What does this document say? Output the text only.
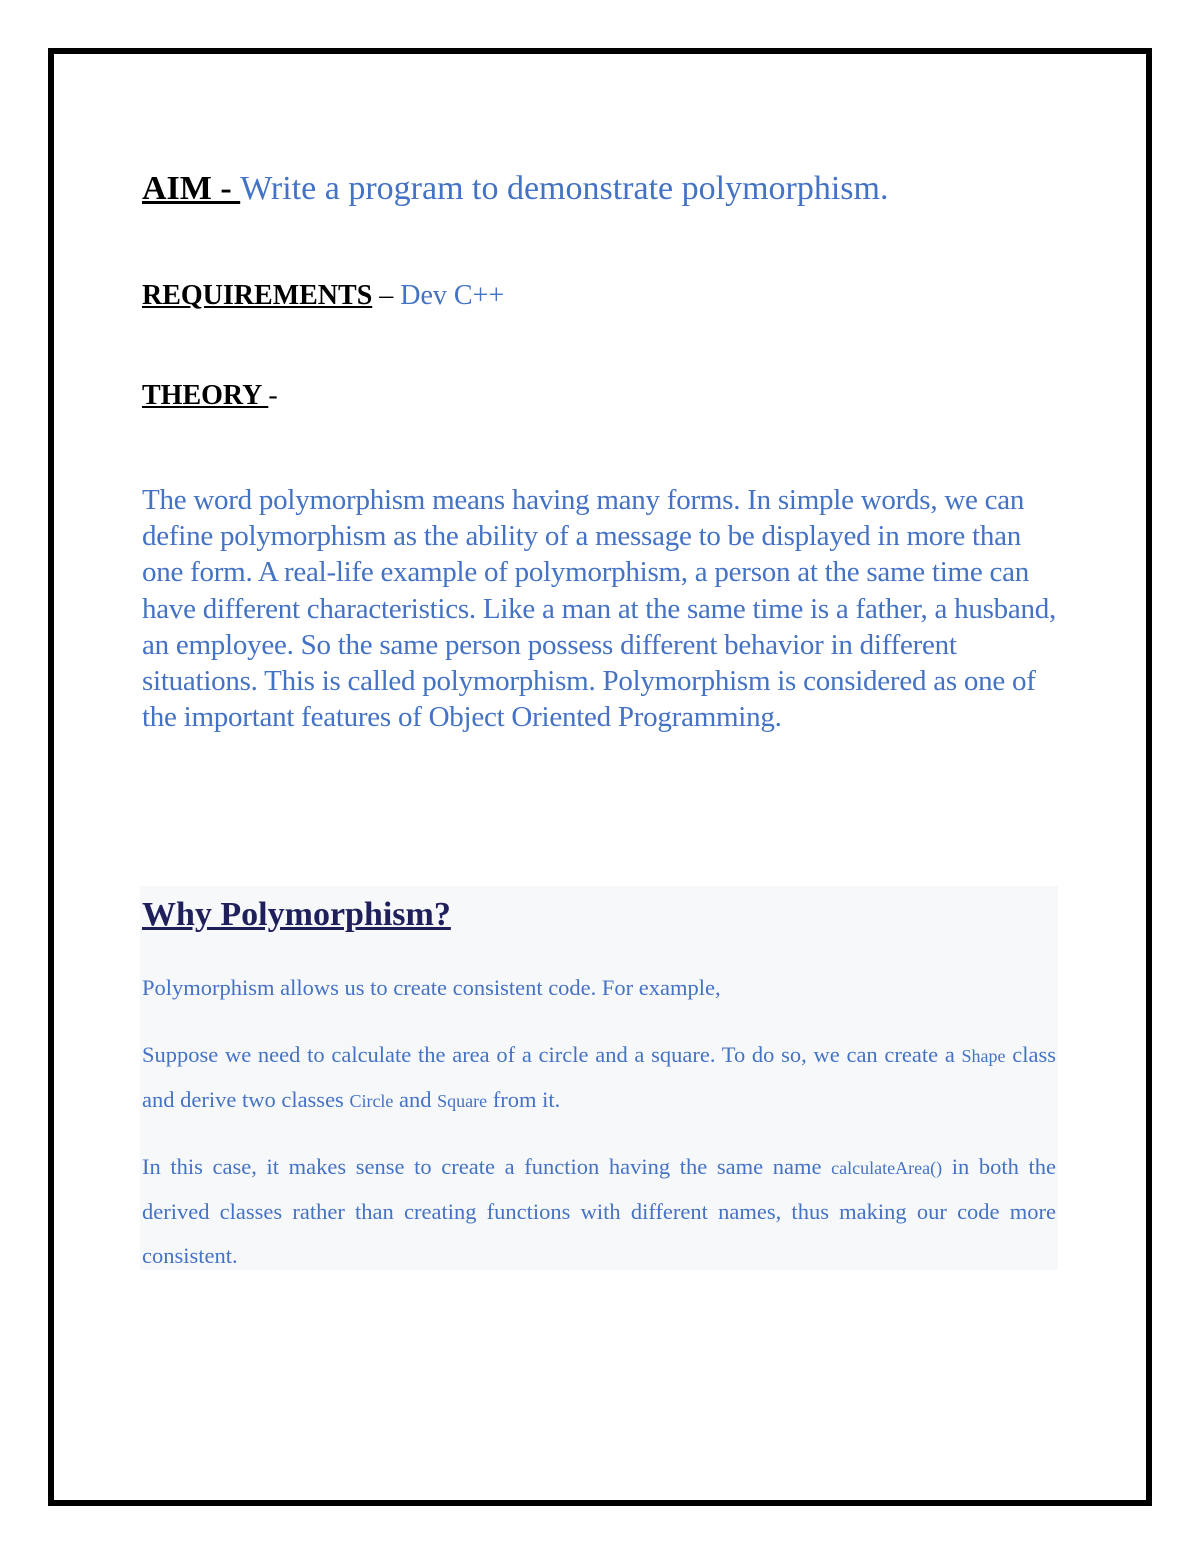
AIM - Write a program to demonstrate polymorphism.
REQUIREMENTS – Dev C++
THEORY -
The word polymorphism means having many forms. In simple words, we can define polymorphism as the ability of a message to be displayed in more than one form. A real-life example of polymorphism, a person at the same time can have different characteristics. Like a man at the same time is a father, a husband, an employee. So the same person possess different behavior in different situations. This is called polymorphism. Polymorphism is considered as one of the important features of Object Oriented Programming.
Why Polymorphism?
Polymorphism allows us to create consistent code. For example,
Suppose we need to calculate the area of a circle and a square. To do so, we can create a Shape class and derive two classes Circle and Square from it.
In this case, it makes sense to create a function having the same name calculateArea() in both the derived classes rather than creating functions with different names, thus making our code more consistent.
